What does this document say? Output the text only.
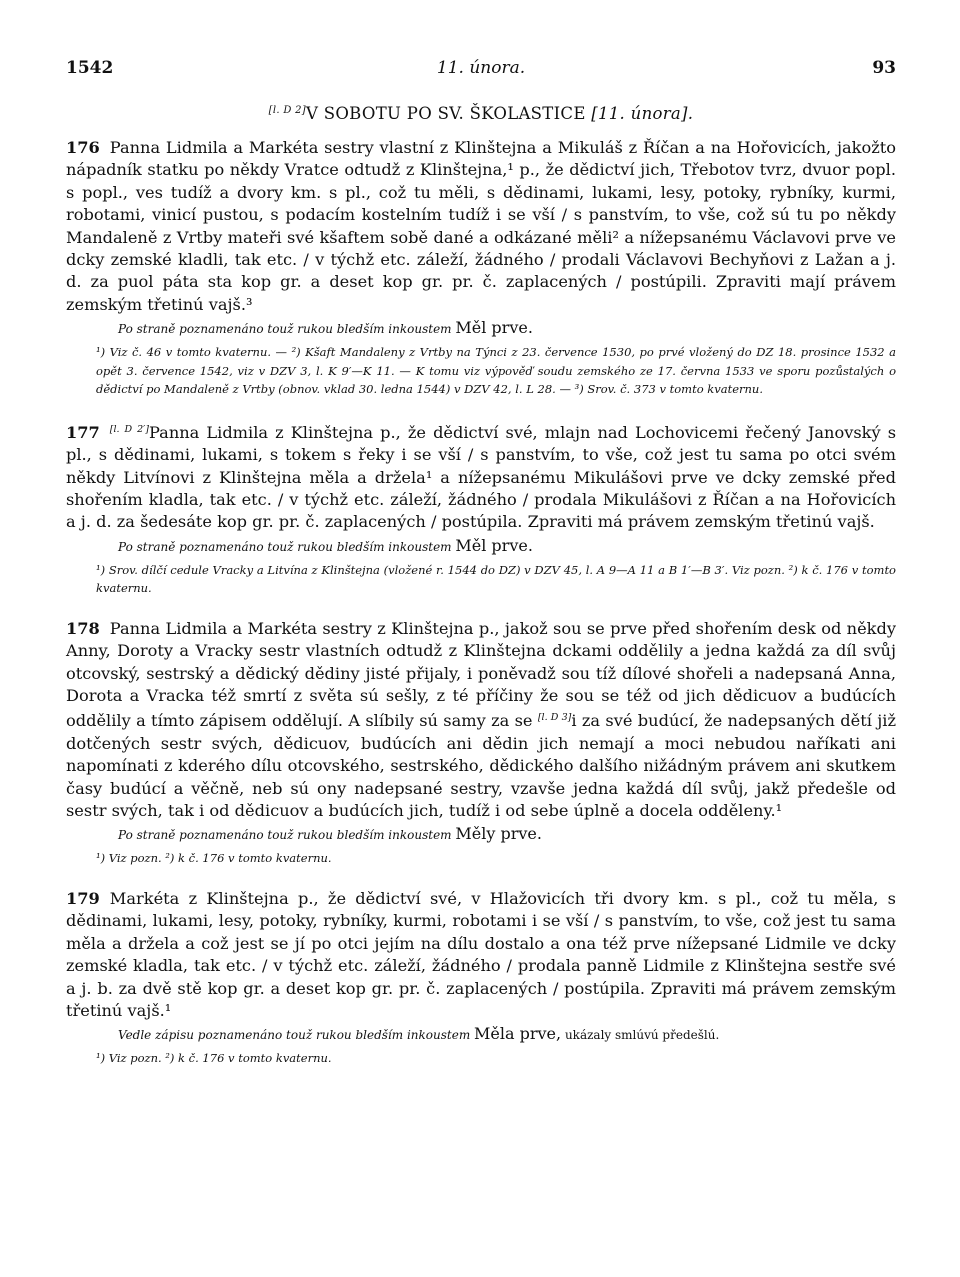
1542	11. února.	93
[l. D 2]V SOBOTU PO SV. ŠKOLASTICE [11. února].
176 Panna Lidmila a Markéta sestry vlastní z Klinštejna a Mikuláš z Říčan a na Hořovicích, jakožto nápadník statku po někdy Vratce odtudž z Klinštejna,¹ p., že dědictví jich, Třebotov tvrz, dvuor popl. s popl., ves tudíž a dvory km. s pl., což tu měli, s dědinami, lukami, lesy, potoky, rybníky, kurmi, robotami, vinicí pustou, s podacím kostelním tudíž i se vší / s panstvím, to vše, což sú tu po někdy Mandaleně z Vrtby mateři své kšaftem sobě dané a odkázané měli² a nížepsanému Václavovi prve ve dcky zemské kladli, tak etc. / v týchž etc. záleží, žádného / prodali Václavovi Bechyňovi z Lažan a j. d. za puol páta sta kop gr. a deset kop gr. pr. č. zaplacených / postúpili. Zpraviti mají právem zemským třetinú vajš.³
Po straně poznamenáno touž rukou bledším inkoustem Měl prve.
¹) Viz č. 46 v tomto kvaternu. — ²) Kšaft Mandaleny z Vrtby na Týnci z 23. července 1530, po prvé vložený do DZ 18. prosince 1532 a opět 3. července 1542, viz v DZV 3, l. K 9′—K 11. — K tomu viz výpověď soudu zemského ze 17. června 1533 ve sporu pozůstalých o dědictví po Mandaleně z Vrtby (obnov. vklad 30. ledna 1544) v DZV 42, l. L 28. — ³) Srov. č. 373 v tomto kvaternu.
177 [l. D 2′]Panna Lidmila z Klinštejna p., že dědictví své, mlajn nad Lochovicemi řečený Janovský s pl., s dědinami, lukami, s tokem s řeky i se vší / s panstvím, to vše, což jest tu sama po otci svém někdy Litvínovi z Klinštejna měla a držela¹ a nížepsanému Mikulášovi prve ve dcky zemské před shořením kladla, tak etc. / v týchž etc. záleží, žádného / prodala Mikulášovi z Říčan a na Hořovicích a j. d. za šedesáte kop gr. pr. č. zaplacených / postúpila. Zpraviti má právem zemským třetinú vajš.
Po straně poznamenáno touž rukou bledším inkoustem Měl prve.
¹) Srov. dílčí cedule Vracky a Litvína z Klinštejna (vložené r. 1544 do DZ) v DZV 45, l. A 9—A 11 a B 1′—B 3′. Viz pozn. ²) k č. 176 v tomto kvaternu.
178 Panna Lidmila a Markéta sestry z Klinštejna p., jakož sou se prve před shořením desk od někdy Anny, Doroty a Vracky sestr vlastních odtudž z Klinštejna dckami oddělily a jedna každá za díl svůj otcovský, sestrský a dědický dědiny jisté přijaly, i poněvadž sou tíž dílové shořeli a nadepsaná Anna, Dorota a Vracka též smrtí z světa sú sešly, z té příčiny že sou se též od jich dědicuov a budúcích oddělily a tímto zápisem oddělují. A slíbily sú samy za se [l. D 3]i za své budúcí, že nadepsaných dětí již dotčených sestr svých, dědicuov, budúcích ani dědin jich nemají a moci nebudou naříkati ani napomínati z kderého dílu otcovského, sestrského, dědického dalšího nižádným právem ani skutkem časy budúcí a věčně, neb sú ony nadepsané sestry, vzavše jedna každá díl svůj, jakž předešle od sestr svých, tak i od dědicuov a budúcích jich, tudíž i od sebe úplně a docela odděleny.¹
Po straně poznamenáno touž rukou bledším inkoustem Měly prve.
¹) Viz pozn. ²) k č. 176 v tomto kvaternu.
179 Markéta z Klinštejna p., že dědictví své, v Hlažovicích tři dvory km. s pl., což tu měla, s dědinami, lukami, lesy, potoky, rybníky, kurmi, robotami i se vší / s panstvím, to vše, což jest tu sama měla a držela a což jest se jí po otci jejím na dílu dostalo a ona též prve nížepsané Lidmile ve dcky zemské kladla, tak etc. / v týchž etc. záleží, žádného / prodala panně Lidmile z Klinštejna sestře své a j. b. za dvě stě kop gr. a deset kop gr. pr. č. zaplacených / postúpila. Zpraviti má právem zemským třetinú vajš.¹
Vedle zápisu poznamenáno touž rukou bledším inkoustem Měla prve, ukázaly smlúvú předešlú.
¹) Viz pozn. ²) k č. 176 v tomto kvaternu.
